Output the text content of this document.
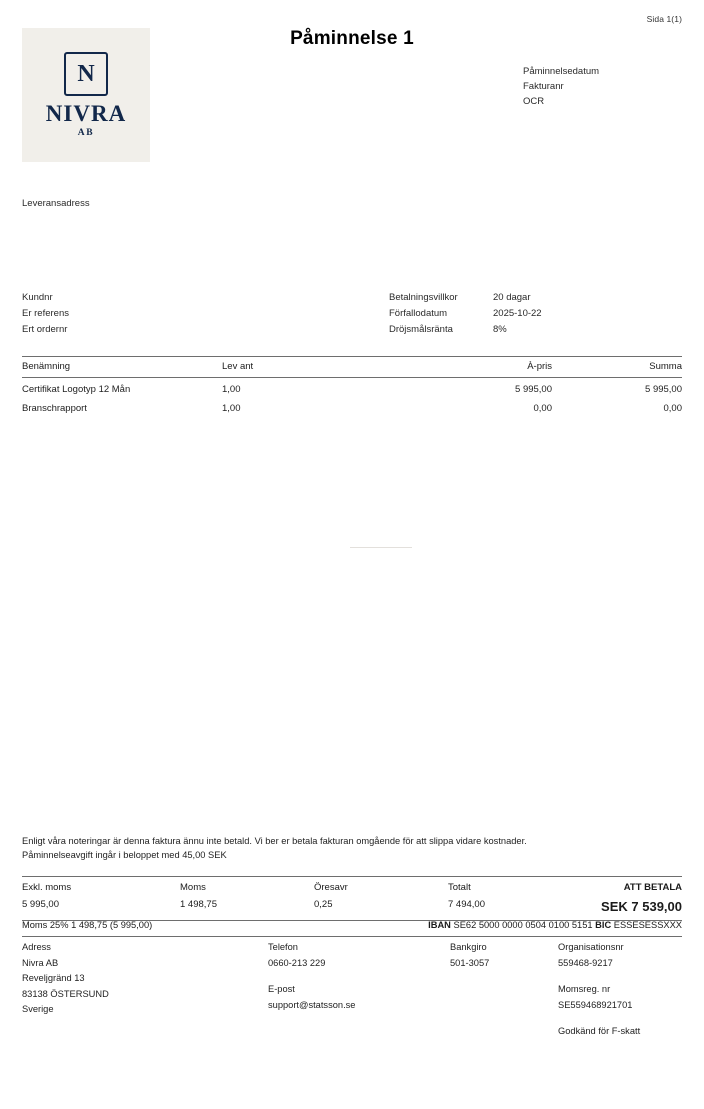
Sida 1(1)
Påminnelse 1
Påminnelsedatum
Fakturanr
OCR
N
NIVRA
AB
Leveransadress
Kundnr
Er referens
Ert ordernr
Betalningsvillkor	20 dagar
Förfallodatum	2025-10-22
Dröjsmålsränta	8%
Benämning	Lev ant	À-pris	Summa
Certifikat Logotyp 12 Mån	1,00	5 995,00	5 995,00
Branschrapport	1,00	0,00	0,00
Enligt våra noteringar är denna faktura ännu inte betald. Vi ber er betala fakturan omgående för att slippa vidare kostnader.
Påminnelseavgift ingår i beloppet med 45,00 SEK
Exkl. moms	Moms	Öresavr	Totalt	ATT BETALA
5 995,00	1 498,75	0,25	7 494,00	SEK 7 539,00
Moms 25% 1 498,75 (5 995,00)	IBAN SE62 5000 0000 0504 0100 5151 BIC ESSESESSXXX
Adress
Nivra AB
Reveljgränd 13
83138 ÖSTERSUND
Sverige
Telefon
0660-213 229
E-post
support@statsson.se
Bankgiro
501-3057
Organisationsnr
559468-9217
Momsreg. nr
SE559468921701
Godkänd för F-skatt
